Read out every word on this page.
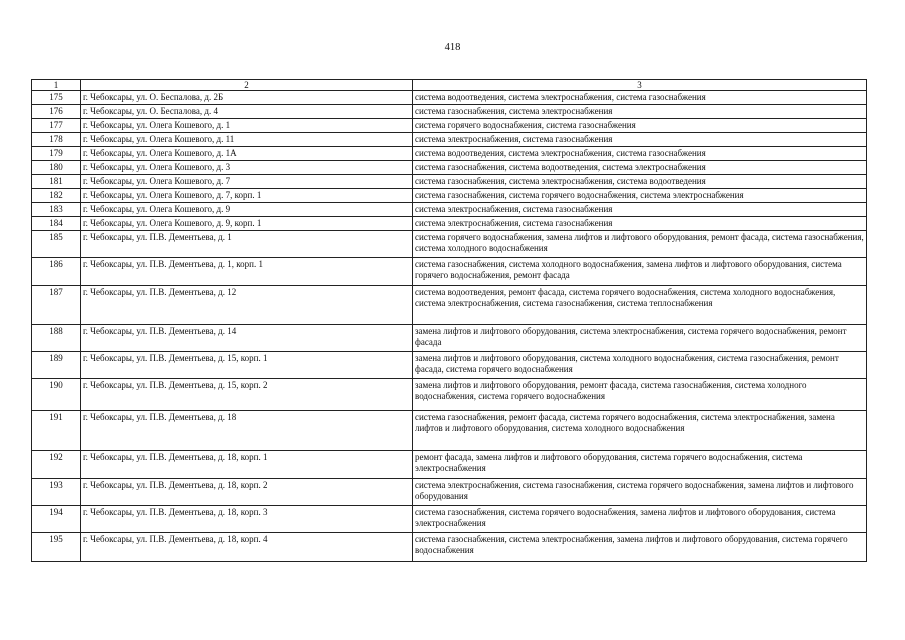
418
1	2	3
175	г. Чебоксары, ул. О. Беспалова, д. 2Б	система водоотведения, система электроснабжения, система газоснабжения
176	г. Чебоксары, ул. О. Беспалова, д. 4	система газоснабжения, система электроснабжения
177	г. Чебоксары, ул. Олега Кошевого, д. 1	система горячего водоснабжения, система газоснабжения
178	г. Чебоксары, ул. Олега Кошевого, д. 11	система электроснабжения, система газоснабжения
179	г. Чебоксары, ул. Олега Кошевого, д. 1А	система водоотведения, система электроснабжения, система газоснабжения
180	г. Чебоксары, ул. Олега Кошевого, д. 3	система газоснабжения, система водоотведения, система электроснабжения
181	г. Чебоксары, ул. Олега Кошевого, д. 7	система газоснабжения, система электроснабжения, система водоотведения
182	г. Чебоксары, ул. Олега Кошевого, д. 7, корп. 1	система газоснабжения, система горячего водоснабжения, система электроснабжения
183	г. Чебоксары, ул. Олега Кошевого, д. 9	система электроснабжения, система газоснабжения
184	г. Чебоксары, ул. Олега Кошевого, д. 9, корп. 1	система электроснабжения, система газоснабжения
185	г. Чебоксары, ул. П.В. Дементьева, д. 1	система горячего водоснабжения, замена лифтов и лифтового оборудования, ремонт фасада, система газоснабжения, система холодного водоснабжения
186	г. Чебоксары, ул. П.В. Дементьева, д. 1, корп. 1	система газоснабжения, система холодного водоснабжения, замена лифтов и лифтового оборудования, система горячего водоснабжения, ремонт фасада
187	г. Чебоксары, ул. П.В. Дементьева, д. 12	система водоотведения, ремонт фасада, система горячего водоснабжения, система холодного водоснабжения, система электроснабжения, система газоснабжения, система теплоснабжения
188	г. Чебоксары, ул. П.В. Дементьева, д. 14	замена лифтов и лифтового оборудования, система электроснабжения, система горячего водоснабжения, ремонт фасада
189	г. Чебоксары, ул. П.В. Дементьева, д. 15, корп. 1	замена лифтов и лифтового оборудования, система холодного водоснабжения, система газоснабжения, ремонт фасада, система горячего водоснабжения
190	г. Чебоксары, ул. П.В. Дементьева, д. 15, корп. 2	замена лифтов и лифтового оборудования, ремонт фасада, система газоснабжения, система холодного водоснабжения, система горячего водоснабжения
191	г. Чебоксары, ул. П.В. Дементьева, д. 18	система газоснабжения, ремонт фасада, система горячего водоснабжения, система электроснабжения, замена лифтов и лифтового оборудования, система холодного водоснабжения
192	г. Чебоксары, ул. П.В. Дементьева, д. 18, корп. 1	ремонт фасада, замена лифтов и лифтового оборудования, система горячего водоснабжения, система электроснабжения
193	г. Чебоксары, ул. П.В. Дементьева, д. 18, корп. 2	система электроснабжения, система газоснабжения, система горячего водоснабжения, замена лифтов и лифтового оборудования
194	г. Чебоксары, ул. П.В. Дементьева, д. 18, корп. 3	система газоснабжения, система горячего водоснабжения, замена лифтов и лифтового оборудования, система электроснабжения
195	г. Чебоксары, ул. П.В. Дементьева, д. 18, корп. 4	система газоснабжения, система электроснабжения, замена лифтов и лифтового оборудования, система горячего водоснабжения
